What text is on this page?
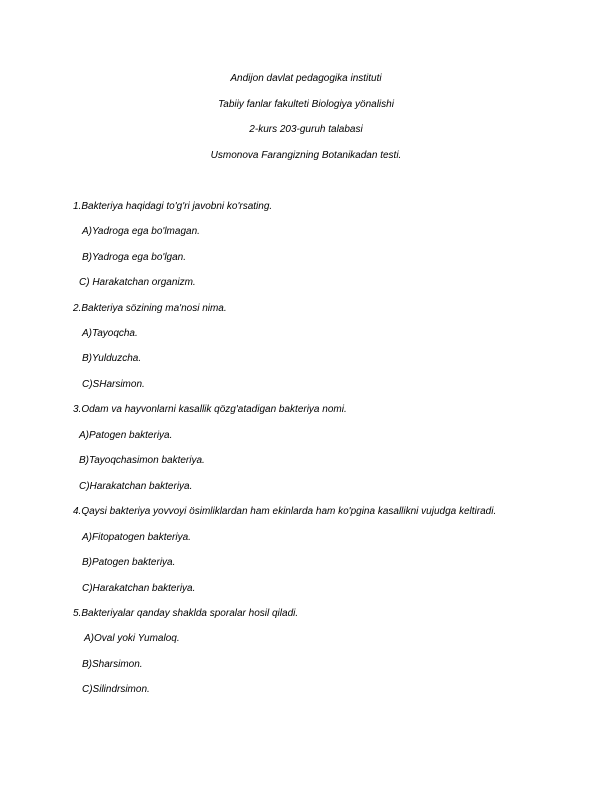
Andijon davlat pedagogika instituti
Tabiiy fanlar fakulteti Biologiya yönalishi
2-kurs 203-guruh talabasi
Usmonova Farangizning Botanikadan testi.
1.Bakteriya haqidagi to'g'ri javobni ko'rsating.
A)Yadroga ega bo'lmagan.
B)Yadroga ega bo'lgan.
C) Harakatchan organizm.
2.Bakteriya sözining ma'nosi nima.
A)Tayoqcha.
B)Yulduzcha.
C)SHarsimon.
3.Odam va hayvonlarni kasallik qözg'atadigan bakteriya nomi.
A)Patogen bakteriya.
B)Tayoqchasimon bakteriya.
C)Harakatchan bakteriya.
4.Qaysi bakteriya yovvoyi ösimliklardan ham ekinlarda ham ko'pgina kasallikni vujudga keltiradi.
A)Fitopatogen bakteriya.
B)Patogen bakteriya.
C)Harakatchan bakteriya.
5.Bakteriyalar qanday shaklda sporalar hosil qiladi.
A)Oval yoki Yumaloq.
B)Sharsimon.
C)Silindrsimon.
